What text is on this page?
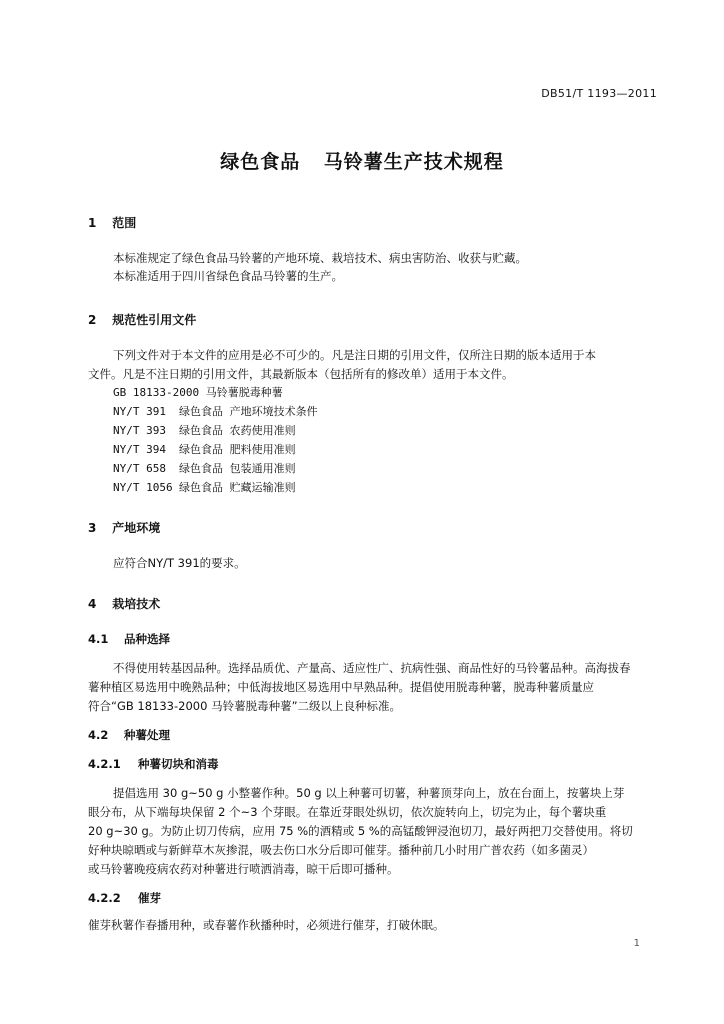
DB51/T 1193—2011
绿色食品 马铃薯生产技术规程
1 范围
本标准规定了绿色食品马铃薯的产地环境、栽培技术、病虫害防治、收获与贮藏。
本标准适用于四川省绿色食品马铃薯的生产。
2 规范性引用文件
下列文件对于本文件的应用是必不可少的。凡是注日期的引用文件，仅所注日期的版本适用于本
文件。凡是不注日期的引用文件，其最新版本（包括所有的修改单）适用于本文件。
GB 18133-2000 马铃薯脱毒种薯
NY/T 391 绿色食品 产地环境技术条件
NY/T 393 绿色食品 农药使用准则
NY/T 394 绿色食品 肥料使用准则
NY/T 658 绿色食品 包装通用准则
NY/T 1056 绿色食品 贮藏运输准则
3 产地环境
应符合NY/T 391的要求。
4 栽培技术
4.1 品种选择
不得使用转基因品种。选择品质优、产量高、适应性广、抗病性强、商品性好的马铃薯品种。高海拔春
薯种植区易选用中晚熟品种；中低海拔地区易选用中早熟品种。提倡使用脱毒种薯，脱毒种薯质量应
符合“GB 18133-2000 马铃薯脱毒种薯”二级以上良种标准。
4.2 种薯处理
4.2.1 种薯切块和消毒
提倡选用 30 g~50 g 小整薯作种。50 g 以上种薯可切薯，种薯顶芽向上，放在台面上，按薯块上芽
眼分布，从下端每块保留 2 个~3 个芽眼。在靠近芽眼处纵切，依次旋转向上，切完为止，每个薯块重
20 g~30 g。为防止切刀传病，应用 75 %的酒精或 5 %的高锰酸钾浸泡切刀，最好两把刀交替使用。将切
好种块晾晒或与新鲜草木灰掺混，吸去伤口水分后即可催芽。播种前几小时用广普农药（如多菌灵）
或马铃薯晚疫病农药对种薯进行喷洒消毒，晾干后即可播种。
4.2.2 催芽
催芽秋薯作春播用种，或春薯作秋播种时，必须进行催芽，打破休眠。
1
